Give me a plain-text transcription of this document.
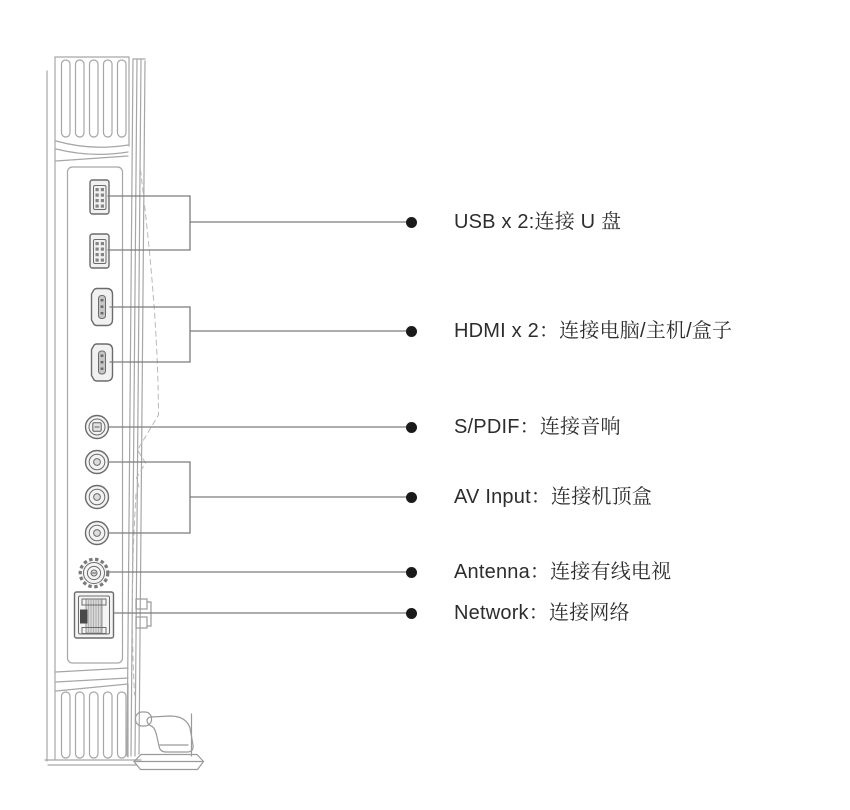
USB x 2:连接 U 盘
HDMI x 2：连接电脑/主机/盒子
S/PDIF：连接音响
AV Input：连接机顶盒
Antenna：连接有线电视
Network：连接网络
